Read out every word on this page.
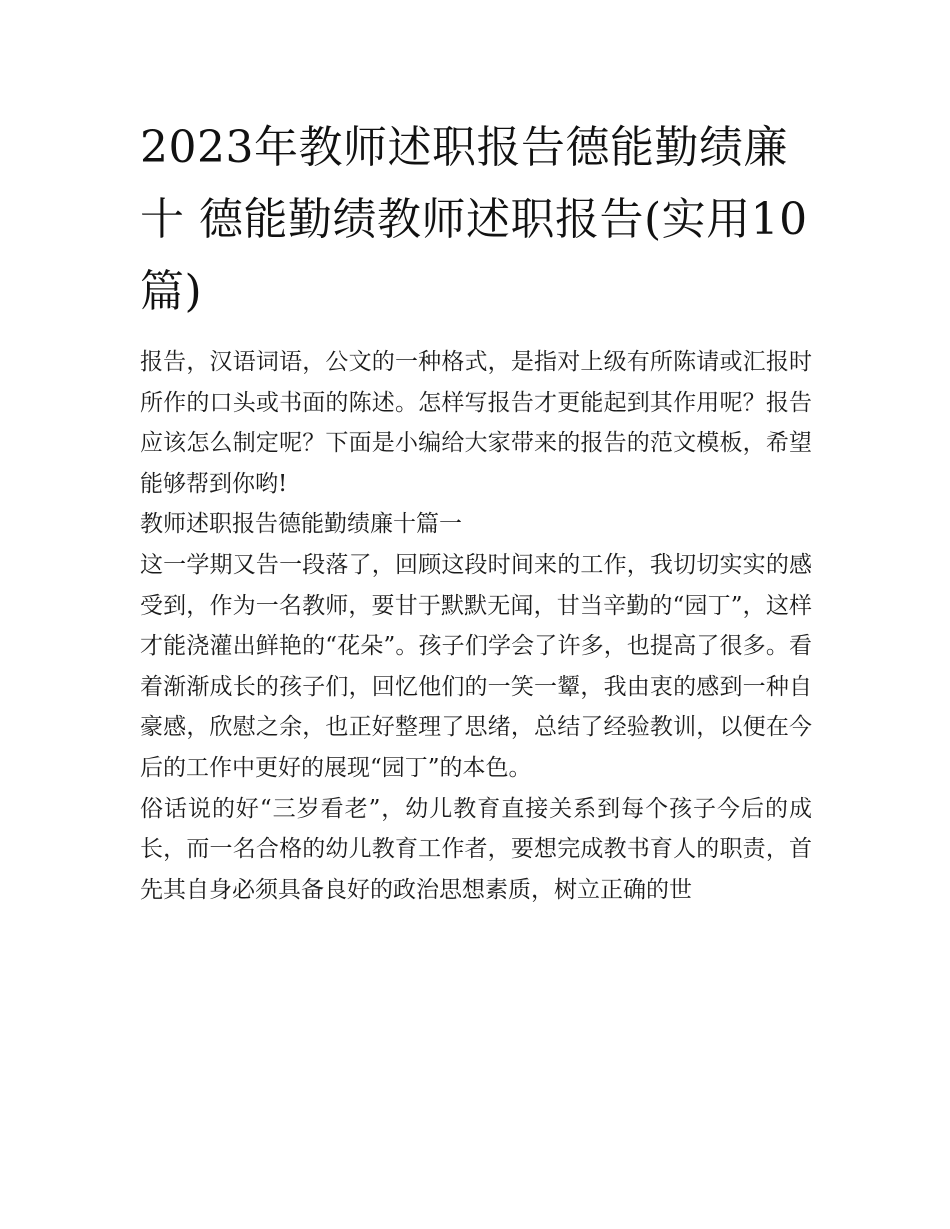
2023年教师述职报告德能勤绩廉十 德能勤绩教师述职报告(实用10篇)

报告，汉语词语，公文的一种格式，是指对上级有所陈请或汇报时所作的口头或书面的陈述。怎样写报告才更能起到其作用呢？报告应该怎么制定呢？下面是小编给大家带来的报告的范文模板，希望能够帮到你哟!

教师述职报告德能勤绩廉十篇一

这一学期又告一段落了，回顾这段时间来的工作，我切切实实的感受到，作为一名教师，要甘于默默无闻，甘当辛勤的“园丁”，这样才能浇灌出鲜艳的“花朵”。孩子们学会了许多，也提高了很多。看着渐渐成长的孩子们，回忆他们的一笑一颦，我由衷的感到一种自豪感，欣慰之余，也正好整理了思绪，总结了经验教训，以便在今后的工作中更好的展现“园丁”的本色。

俗话说的好“三岁看老”，幼儿教育直接关系到每个孩子今后的成长，而一名合格的幼儿教育工作者，要想完成教书育人的职责，首先其自身必须具备良好的政治思想素质，树立正确的世
